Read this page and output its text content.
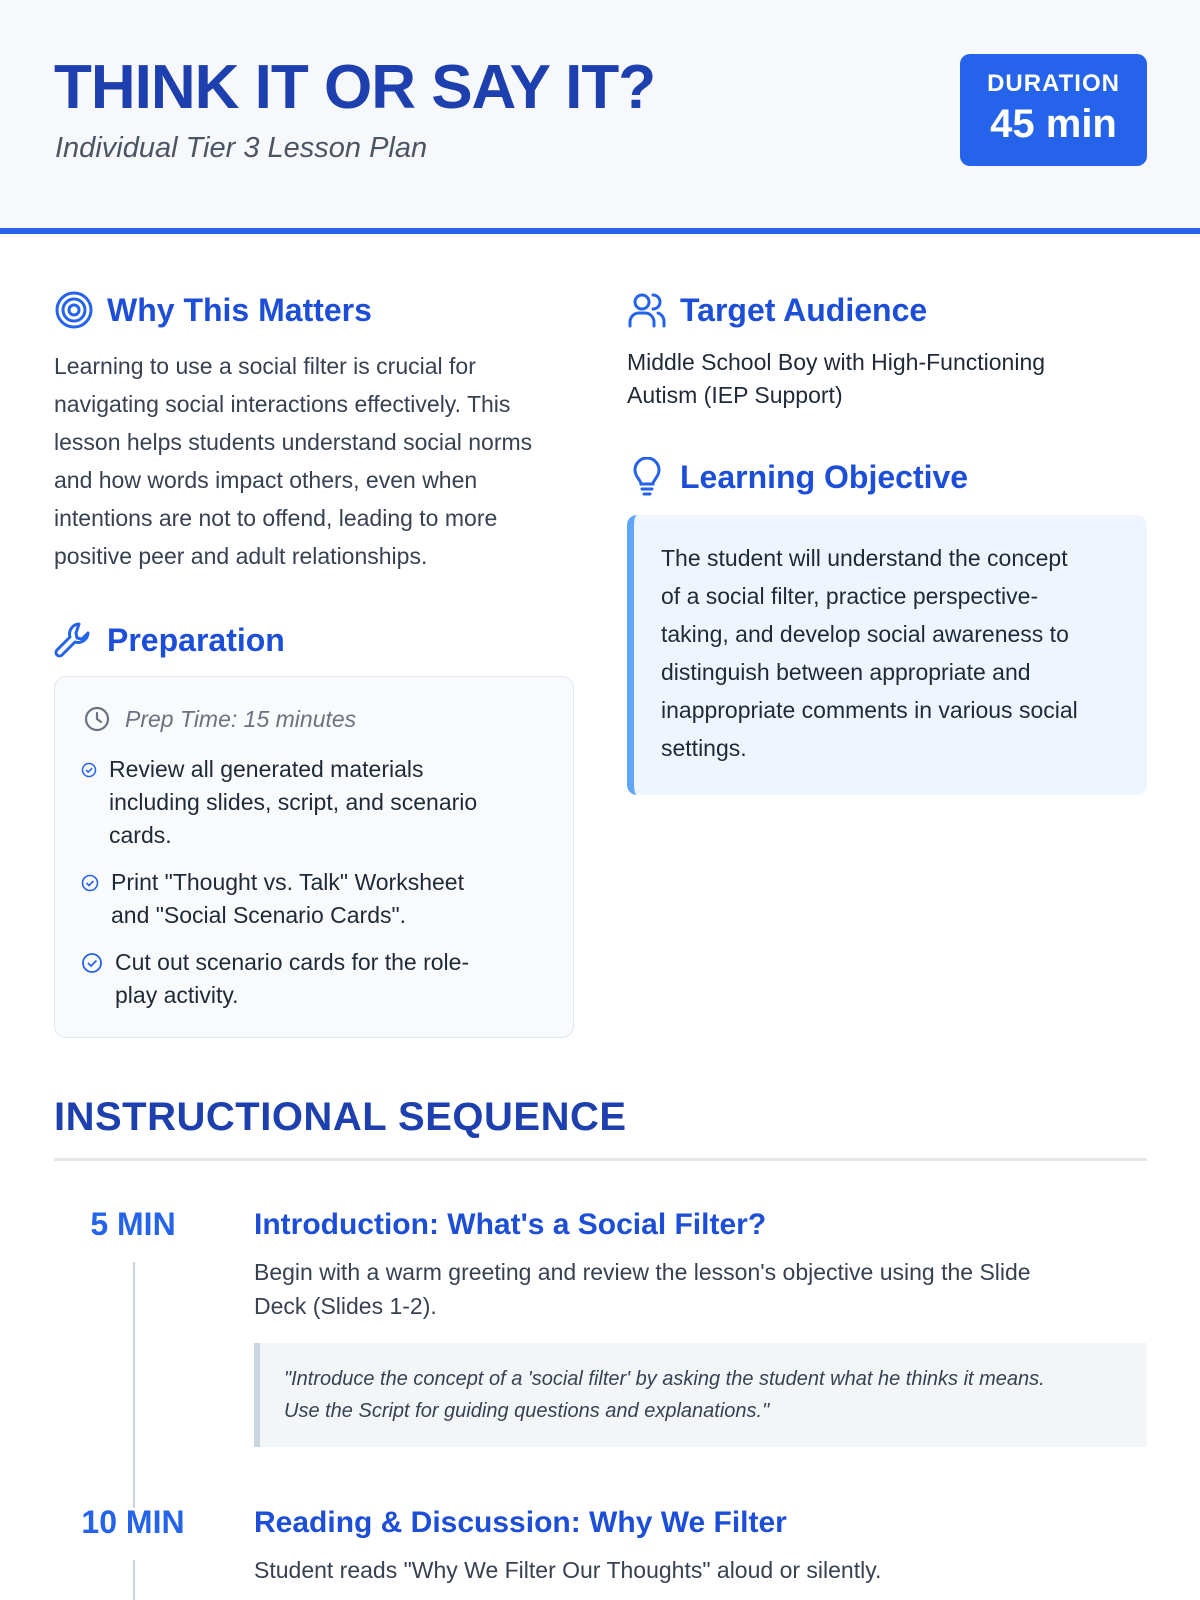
THINK IT OR SAY IT?
Individual Tier 3 Lesson Plan
DURATION
45 min
Why This Matters
Learning to use a social filter is crucial for
navigating social interactions effectively. This
lesson helps students understand social norms
and how words impact others, even when
intentions are not to offend, leading to more
positive peer and adult relationships.
Target Audience
Middle School Boy with High-Functioning
Autism (IEP Support)
Learning Objective
The student will understand the concept
of a social filter, practice perspective-
taking, and develop social awareness to
distinguish between appropriate and
inappropriate comments in various social
settings.
Preparation
Prep Time: 15 minutes
Review all generated materials
including slides, script, and scenario
cards.
Print "Thought vs. Talk" Worksheet
and "Social Scenario Cards".
Cut out scenario cards for the role-
play activity.
INSTRUCTIONAL SEQUENCE
5 MIN	Introduction: What's a Social Filter?
Begin with a warm greeting and review the lesson's objective using the Slide
Deck (Slides 1-2).
"Introduce the concept of a 'social filter' by asking the student what he thinks it means.
Use the Script for guiding questions and explanations."
10 MIN	Reading & Discussion: Why We Filter
Student reads "Why We Filter Our Thoughts" aloud or silently.
